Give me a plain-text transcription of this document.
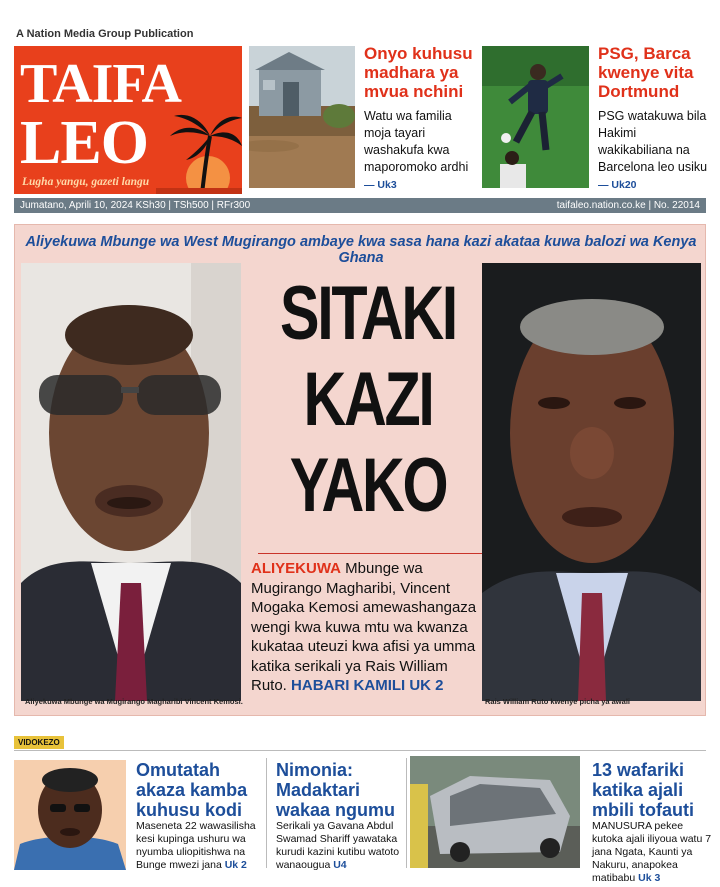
A Nation Media Group Publication
TAIFA
LEO
Lugha yangu, gazeti langu
Onyo kuhusu madhara ya mvua nchini
Watu wa familia moja tayari washakufa kwa maporomoko ardhi — Uk3
PSG, Barca kwenye vita Dortmund
PSG watakuwa bila Hakimi wakikabiliana na Barcelona leo usiku — Uk20
Jumatano, Aprili 10, 2024 KSh30 | TSh500 | RFr300	taifaleo.nation.co.ke | No. 22014
Aliyekuwa Mbunge wa West Mugirango ambaye kwa sasa hana kazi akataa kuwa balozi wa Kenya Ghana
SITAKI
KAZI
YAKO
ALIYEKUWA Mbunge wa Mugirango Magharibi, Vincent Mogaka Kemosi amewashangaza wengi kwa kuwa mtu wa kwanza kukataa uteuzi kwa afisi ya umma katika serikali ya Rais William Ruto. HABARI KAMILI UK 2
Aliyekuwa Mbunge wa Mugirango Magharibi Vincent Kemosi.	Rais William Ruto kwenye picha ya awali
VIDOKEZO
Omutatah akaza kamba kuhusu kodi
Maseneta 22 wawasilisha kesi kupinga ushuru wa nyumba uliopitishwa na Bunge mwezi jana Uk 2
Nimonia: Madaktari wakaa ngumu
Serikali ya Gavana Abdul Swamad Shariff yawataka kurudi kazini kutibu watoto wanaougua U4
13 wafariki katika ajali mbili tofauti
MANUSURA pekee kutoka ajali iliyoua watu 7 jana Ngata, Kaunti ya Nakuru, anapokea matibabu Uk 3
